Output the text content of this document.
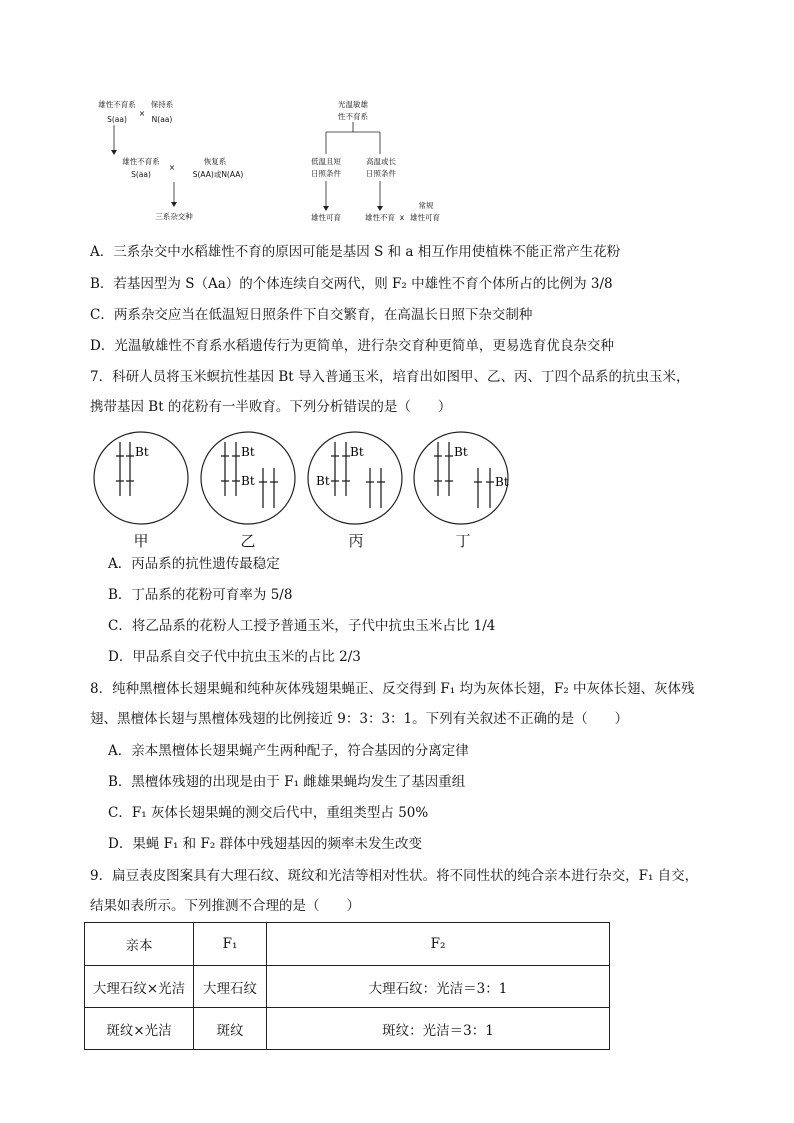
雄性不育系
S(aa)
×
保持系
N(aa)
雄性不育系
S(aa)
×
恢复系
S(AA)或N(AA)
三系杂交种
光温敏雄
性不育系
低温且短
日照条件
高温或长
日照条件
雄性可育	雄性不育 x
常规
雄性可育
A．三系杂交中水稻雄性不育的原因可能是基因 S 和 a 相互作用使植株不能正常产生花粉
B．若基因型为 S（Aa）的个体连续自交两代，则 F₂ 中雄性不育个体所占的比例为 3/8
C．两系杂交应当在低温短日照条件下自交繁育，在高温长日照下杂交制种
D．光温敏雄性不育系水稻遗传行为更简单，进行杂交育种更简单，更易选育优良杂交种
7．科研人员将玉米螟抗性基因 Bt 导入普通玉米，培育出如图甲、乙、丙、丁四个品系的抗虫玉米，
携带基因 Bt 的花粉有一半败育。下列分析错误的是（　　）
Bt	Bt
Bt
Bt
Bt
Bt
Bt
甲	乙	丙	丁
A．丙品系的抗性遗传最稳定
B．丁品系的花粉可育率为 5/8
C．将乙品系的花粉人工授予普通玉米，子代中抗虫玉米占比 1/4
D．甲品系自交子代中抗虫玉米的占比 2/3
8．纯种黑檀体长翅果蝇和纯种灰体残翅果蝇正、反交得到 F₁ 均为灰体长翅，F₂ 中灰体长翅、灰体残
翅、黑檀体长翅与黑檀体残翅的比例接近 9：3：3：1。下列有关叙述不正确的是（　　）
A．亲本黑檀体长翅果蝇产生两种配子，符合基因的分离定律
B．黑檀体残翅的出现是由于 F₁ 雌雄果蝇均发生了基因重组
C．F₁ 灰体长翅果蝇的测交后代中，重组类型占 50%
D．果蝇 F₁ 和 F₂ 群体中残翅基因的频率未发生改变
9．扁豆表皮图案具有大理石纹、斑纹和光洁等相对性状。将不同性状的纯合亲本进行杂交，F₁ 自交，
结果如表所示。下列推测不合理的是（　　）
亲本	F₁	F₂
大理石纹×光洁	大理石纹	大理石纹：光洁＝3：1
斑纹×光洁	斑纹	斑纹：光洁＝3：1
